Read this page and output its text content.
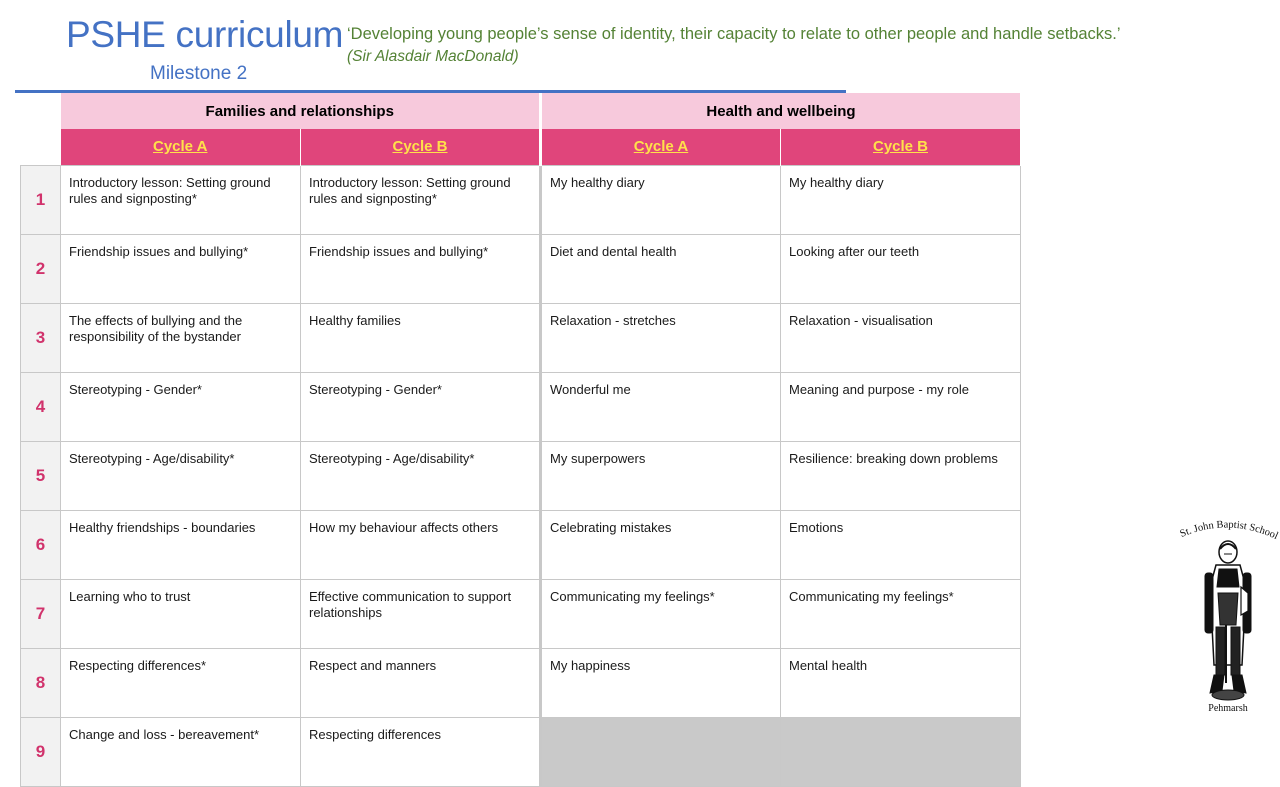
PSHE curriculum
Milestone 2
‘Developing young people’s sense of identity, their capacity to relate to other people and handle setbacks.’
(Sir Alasdair MacDonald)
	Families and relationships		Health and wellbeing	
	Cycle A	Cycle B	Cycle A	Cycle B
1	Introductory lesson: Setting ground rules and signposting*	Introductory lesson: Setting ground rules and signposting*	My healthy diary	My healthy diary
2	Friendship issues and bullying*	Friendship issues and bullying*	Diet and dental health	Looking after our teeth
3	The effects of bullying and the responsibility of the bystander	Healthy families	Relaxation - stretches	Relaxation - visualisation
4	Stereotyping - Gender*	Stereotyping - Gender*	Wonderful me	Meaning and purpose - my role
5	Stereotyping - Age/disability*	Stereotyping - Age/disability*	My superpowers	Resilience: breaking down problems
6	Healthy friendships - boundaries	How my behaviour affects others	Celebrating mistakes	Emotions
7	Learning who to trust	Effective communication to support relationships	Communicating my feelings*	Communicating my feelings*
8	Respecting differences*	Respect and manners	My happiness	Mental health
9	Change and loss - bereavement*	Respecting differences		
St. John Baptist School
Pehmarsh
